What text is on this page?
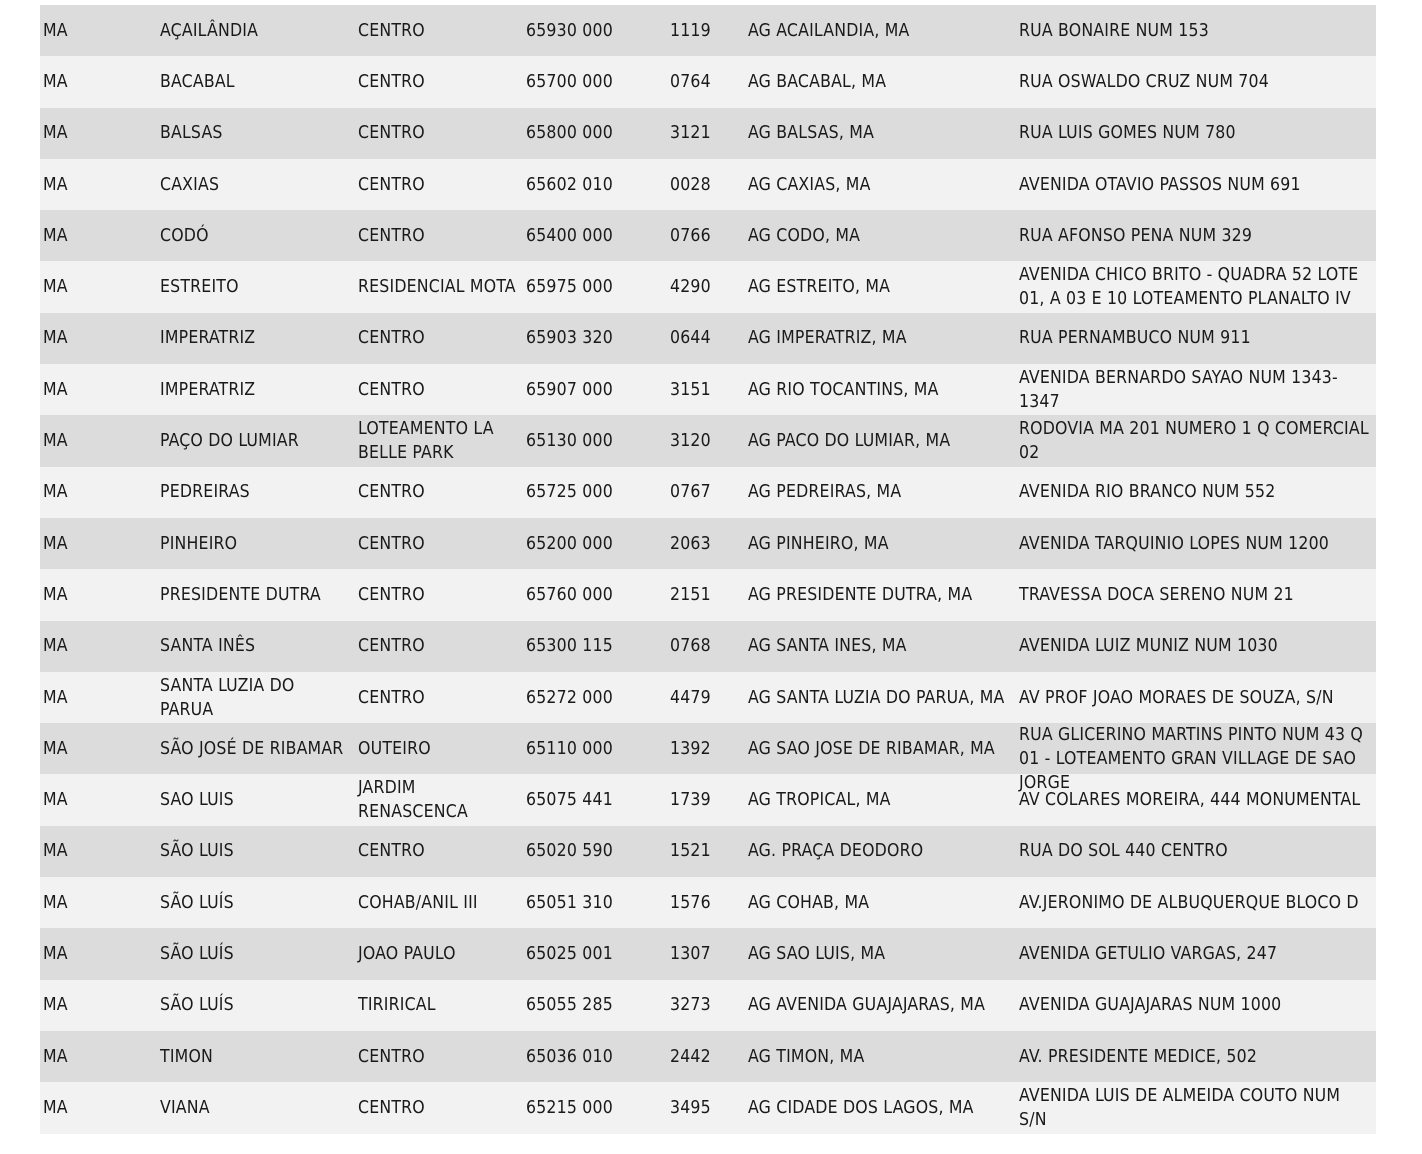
MA	AÇAILÂNDIA	CENTRO	65930 000	1119	AG ACAILANDIA, MA	RUA BONAIRE NUM 153

MA	BACABAL	CENTRO	65700 000	0764	AG BACABAL, MA	RUA OSWALDO CRUZ NUM 704

MA	BALSAS	CENTRO	65800 000	3121	AG BALSAS, MA	RUA LUIS GOMES NUM 780

MA	CAXIAS	CENTRO	65602 010	0028	AG CAXIAS, MA	AVENIDA OTAVIO PASSOS NUM 691

MA	CODÓ	CENTRO	65400 000	0766	AG CODO, MA	RUA AFONSO PENA NUM 329

MA	ESTREITO	RESIDENCIAL MOTA	65975 000	4290	AG ESTREITO, MA	AVENIDA CHICO BRITO - QUADRA 52 LOTE 01, A 03 E 10 LOTEAMENTO PLANALTO IV

MA	IMPERATRIZ	CENTRO	65903 320	0644	AG IMPERATRIZ, MA	RUA PERNAMBUCO NUM 911

MA	IMPERATRIZ	CENTRO	65907 000	3151	AG RIO TOCANTINS, MA	AVENIDA BERNARDO SAYAO NUM 1343-1347

MA	PAÇO DO LUMIAR	LOTEAMENTO LA BELLE PARK	65130 000	3120	AG PACO DO LUMIAR, MA	RODOVIA MA 201 NUMERO 1 Q COMERCIAL 02

MA	PEDREIRAS	CENTRO	65725 000	0767	AG PEDREIRAS, MA	AVENIDA RIO BRANCO NUM 552

MA	PINHEIRO	CENTRO	65200 000	2063	AG PINHEIRO, MA	AVENIDA TARQUINIO LOPES NUM 1200

MA	PRESIDENTE DUTRA	CENTRO	65760 000	2151	AG PRESIDENTE DUTRA, MA	TRAVESSA DOCA SERENO NUM 21

MA	SANTA INÊS	CENTRO	65300 115	0768	AG SANTA INES, MA	AVENIDA LUIZ MUNIZ NUM 1030

MA	SANTA LUZIA DO PARUA	CENTRO	65272 000	4479	AG SANTA LUZIA DO PARUA, MA	AV PROF JOAO MORAES DE SOUZA, S/N

MA	SÃO JOSÉ DE RIBAMAR	OUTEIRO	65110 000	1392	AG SAO JOSE DE RIBAMAR, MA	RUA GLICERINO MARTINS PINTO NUM 43 Q 01 - LOTEAMENTO GRAN VILLAGE DE SAO JORGE

MA	SAO LUIS	JARDIM RENASCENCA	65075 441	1739	AG TROPICAL, MA	AV COLARES MOREIRA, 444 MONUMENTAL

MA	SÃO LUIS	CENTRO	65020 590	1521	AG. PRAÇA DEODORO	RUA DO SOL 440 CENTRO

MA	SÃO LUÍS	COHAB/ANIL III	65051 310	1576	AG COHAB, MA	AV.JERONIMO DE ALBUQUERQUE BLOCO D

MA	SÃO LUÍS	JOAO PAULO	65025 001	1307	AG SAO LUIS, MA	AVENIDA GETULIO VARGAS, 247

MA	SÃO LUÍS	TIRIRICAL	65055 285	3273	AG AVENIDA GUAJAJARAS, MA	AVENIDA GUAJAJARAS NUM 1000

MA	TIMON	CENTRO	65036 010	2442	AG TIMON, MA	AV. PRESIDENTE MEDICE, 502

MA	VIANA	CENTRO	65215 000	3495	AG CIDADE DOS LAGOS, MA	AVENIDA LUIS DE ALMEIDA COUTO NUM S/N
